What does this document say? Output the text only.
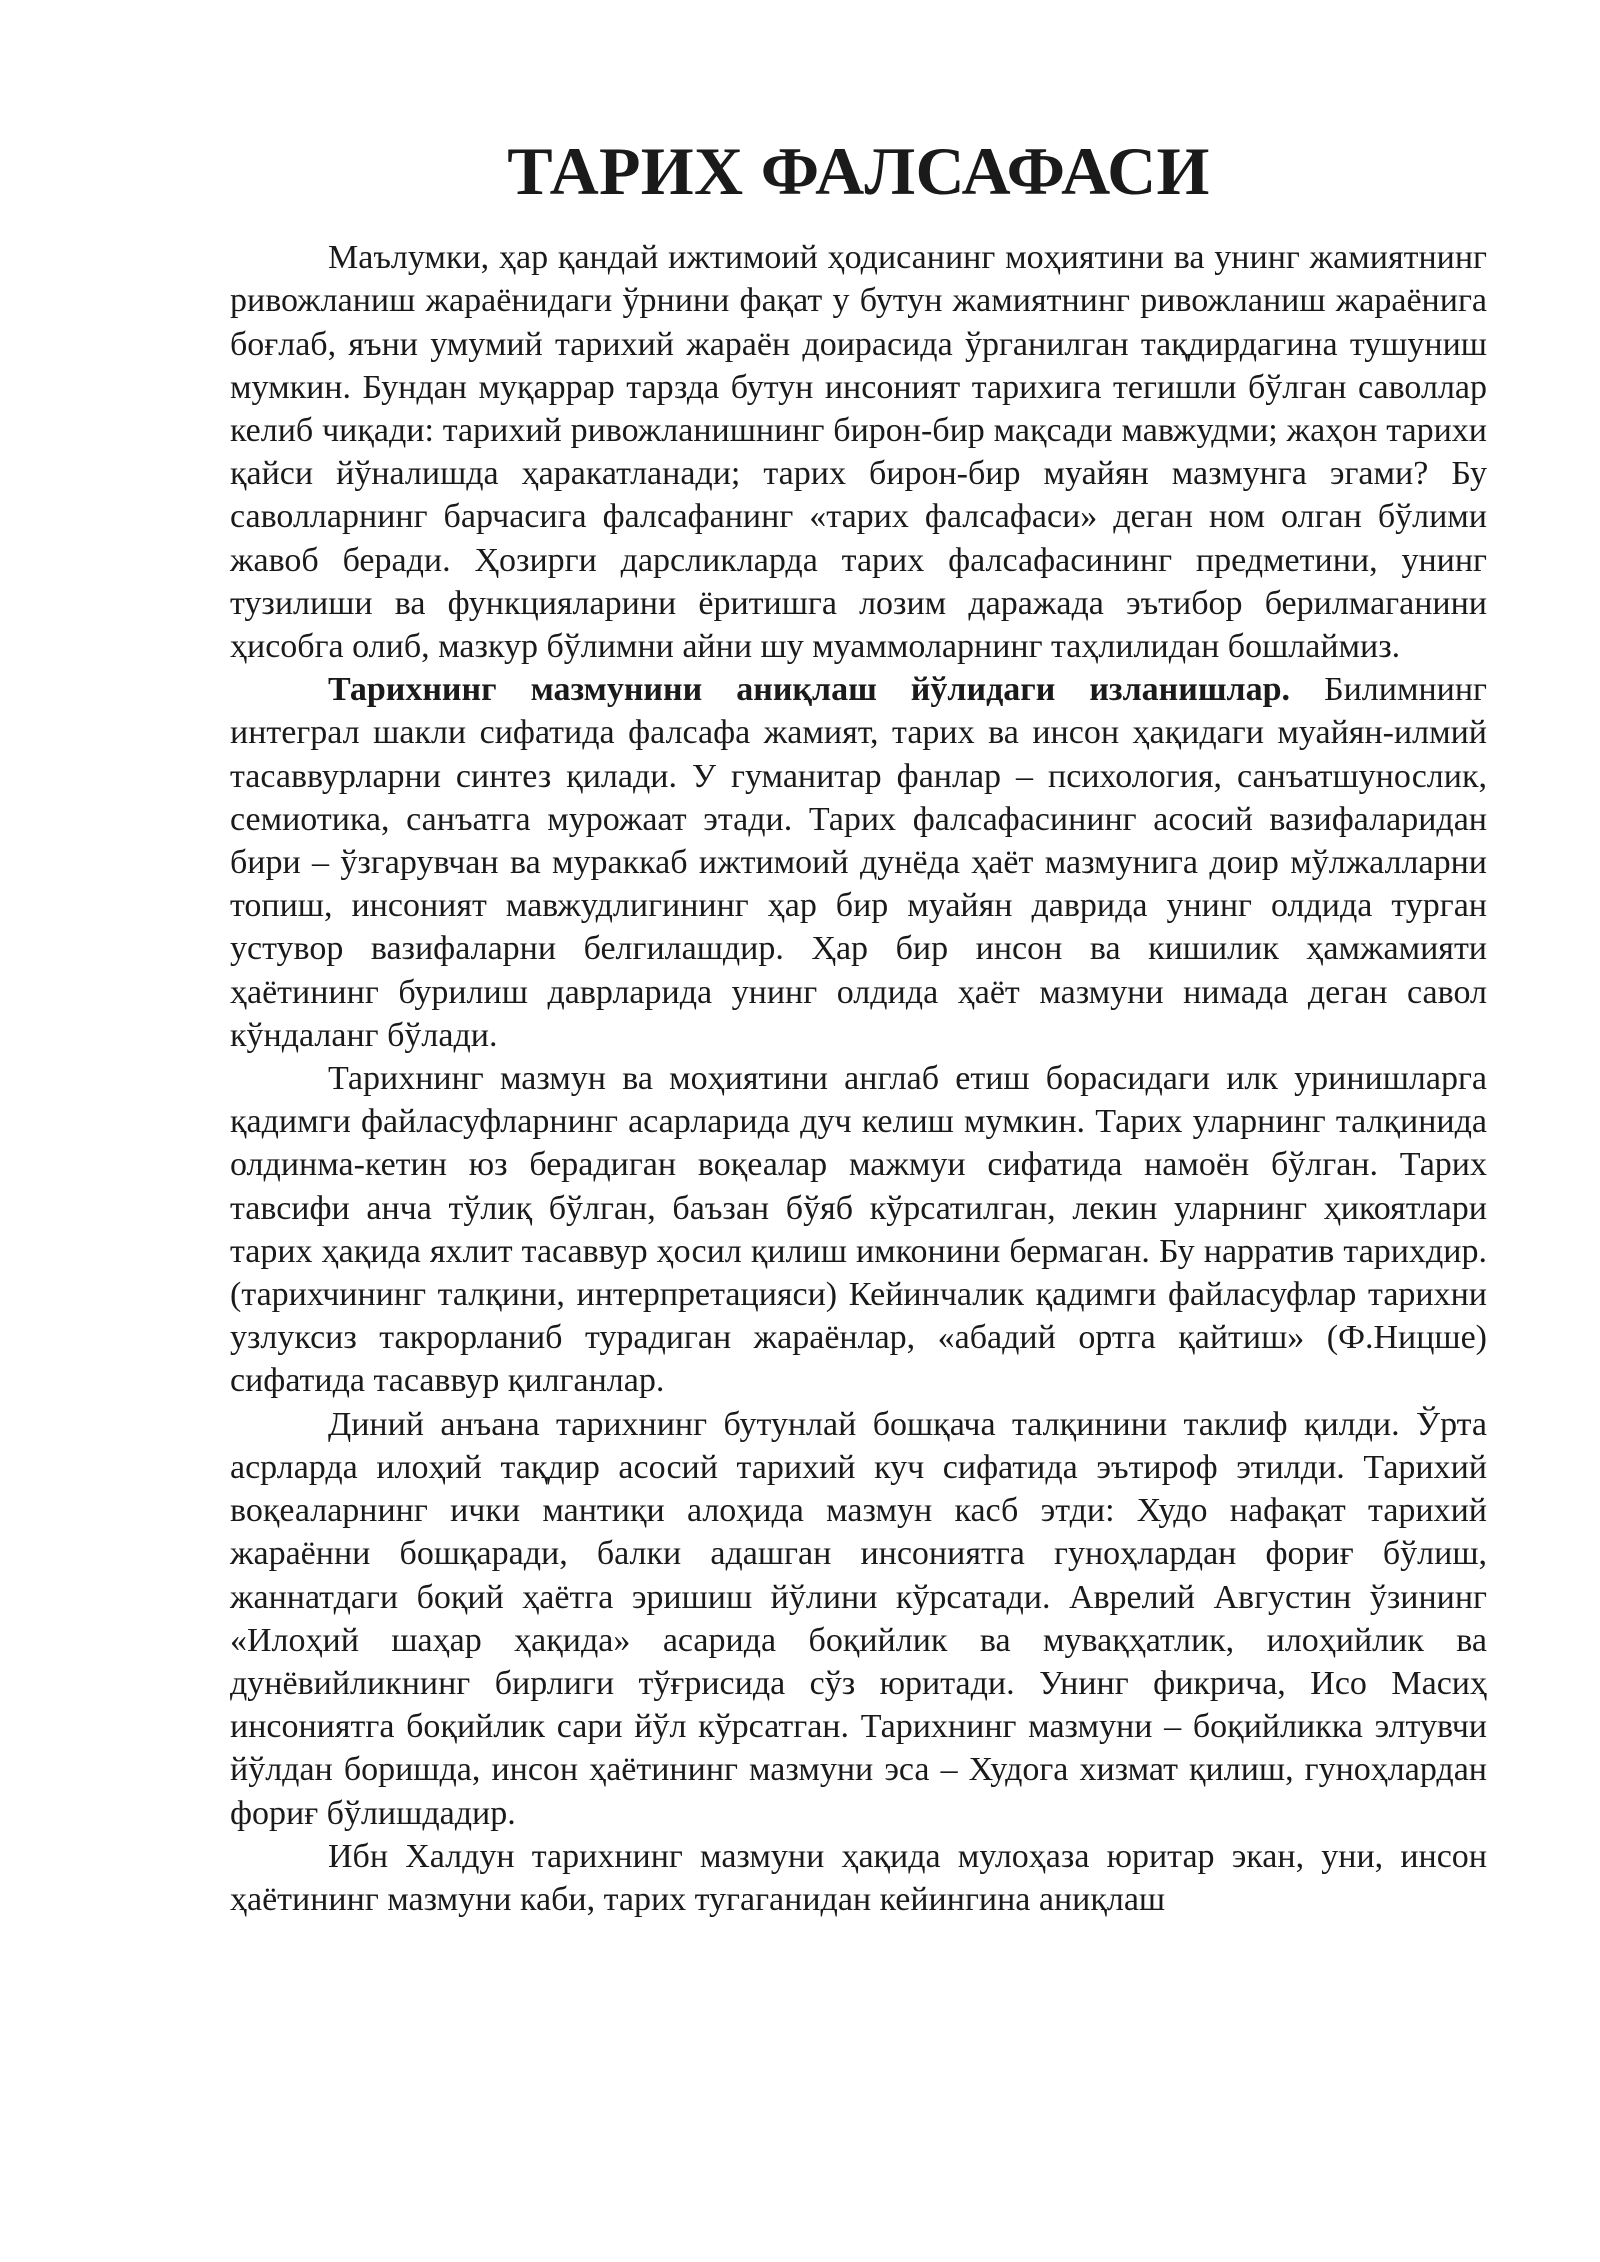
ТАРИХ ФАЛСАФАСИ

Маълумки, ҳар қандай ижтимоий ҳодисанинг моҳиятини ва унинг жамиятнинг ривожланиш жараёнидаги ўрнини фақат у бутун жамиятнинг ривожланиш жараёнига боғлаб, яъни умумий тарихий жараён доирасида ўрганилган тақдирдагина тушуниш мумкин. Бундан муқаррар тарзда бутун инсоният тарихига тегишли бўлган саволлар келиб чиқади: тарихий ривожланишнинг бирон-бир мақсади мавжудми; жаҳон тарихи қайси йўналишда ҳаракатланади; тарих бирон-бир муайян мазмунга эгами? Бу саволларнинг барчасига фалсафанинг «тарих фалсафаси» деган ном олган бўлими жавоб беради. Ҳозирги дарсликларда тарих фалсафасининг предметини, унинг тузилиши ва функцияларини ёритишга лозим даражада эътибор берилмаганини ҳисобга олиб, мазкур бўлимни айни шу муаммоларнинг таҳлилидан бошлаймиз.

Тарихнинг мазмунини аниқлаш йўлидаги изланишлар. Билимнинг интеграл шакли сифатида фалсафа жамият, тарих ва инсон ҳақидаги муайян-илмий тасаввурларни синтез қилади. У гуманитар фанлар – психология, санъатшунослик, семиотика, санъатга мурожаат этади. Тарих фалсафасининг асосий вазифаларидан бири – ўзгарувчан ва мураккаб ижтимоий дунёда ҳаёт мазмунига доир мўлжалларни топиш, инсоният мавжудлигининг ҳар бир муайян даврида унинг олдида турган устувор вазифаларни белгилашдир. Ҳар бир инсон ва кишилик ҳамжамияти ҳаётининг бурилиш даврларида унинг олдида ҳаёт мазмуни нимада деган савол кўндаланг бўлади.

Тарихнинг мазмун ва моҳиятини англаб етиш борасидаги илк уринишларга қадимги файласуфларнинг асарларида дуч келиш мумкин. Тарих уларнинг талқинида олдинма-кетин юз берадиган воқеалар мажмуи сифатида намоён бўлган. Тарих тавсифи анча тўлиқ бўлган, баъзан бўяб кўрсатилган, лекин уларнинг ҳикоятлари тарих ҳақида яхлит тасаввур ҳосил қилиш имконини бермаган. Бу нарратив тарихдир.(тарихчининг талқини, интерпретацияси) Кейинчалик қадимги файласуфлар тарихни узлуксиз такрорланиб турадиган жараёнлар, «абадий ортга қайтиш» (Ф.Ницше) сифатида тасаввур қилганлар.

Диний анъана тарихнинг бутунлай бошқача талқинини таклиф қилди. Ўрта асрларда илоҳий тақдир асосий тарихий куч сифатида эътироф этилди. Тарихий воқеаларнинг ички мантиқи алоҳида мазмун касб этди: Худо нафақат тарихий жараённи бошқаради, балки адашган инсониятга гуноҳлардан фориғ бўлиш, жаннатдаги боқий ҳаётга эришиш йўлини кўрсатади. Аврелий Августин ўзининг «Илоҳий шаҳар ҳақида» асарида боқийлик ва мувақҳатлик, илоҳийлик ва дунёвийликнинг бирлиги тўғрисида сўз юритади. Унинг фикрича, Исо Масиҳ инсониятга боқийлик сари йўл кўрсатган. Тарихнинг мазмуни – боқийликка элтувчи йўлдан боришда, инсон ҳаётининг мазмуни эса – Худога хизмат қилиш, гуноҳлардан фориғ бўлишдадир.

Ибн Халдун тарихнинг мазмуни ҳақида мулоҳаза юритар экан, уни, инсон ҳаётининг мазмуни каби, тарих тугаганидан кейингина аниқлаш
